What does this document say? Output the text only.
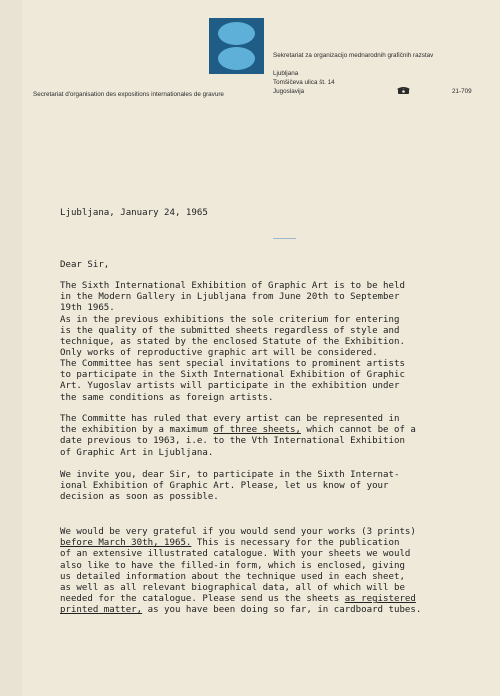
Secretariat d'organisation des expositions internationales de gravure
Sekretariat za organizacijo mednarodnih grafičnih razstav
Ljubljana
Tomšičeva ulica št. 14
Jugoslavija	21-709
Ljubljana, January 24, 1965
Dear Sir,
The Sixth International Exhibition of Graphic Art is to be held
in the Modern Gallery in Ljubljana from June 20th to September
19th 1965.
As in the previous exhibitions the sole criterium for entering
is the quality of the submitted sheets regardless of style and
technique, as stated by the enclosed Statute of the Exhibition.
Only works of reproductive graphic art will be considered.
The Committee has sent special invitations to prominent artists
to participate in the Sixth International Exhibition of Graphic
Art. Yugoslav artists will participate in the exhibition under
the same conditions as foreign artists.
The Committe has ruled that every artist can be represented in
the exhibition by a maximum of three sheets, which cannot be of a
date previous to 1963, i.e. to the Vth International Exhibition
of Graphic Art in Ljubljana.
We invite you, dear Sir, to participate in the Sixth Internat-
ional Exhibition of Graphic Art. Please, let us know of your
decision as soon as possible.
We would be very grateful if you would send your works (3 prints)
before March 30th, 1965. This is necessary for the publication
of an extensive illustrated catalogue. With your sheets we would
also like to have the filled-in form, which is enclosed, giving
us detailed information about the technique used in each sheet,
as well as all relevant biographical data, all of which will be
needed for the catalogue. Please send us the sheets as registered
printed matter, as you have been doing so far, in cardboard tubes.
